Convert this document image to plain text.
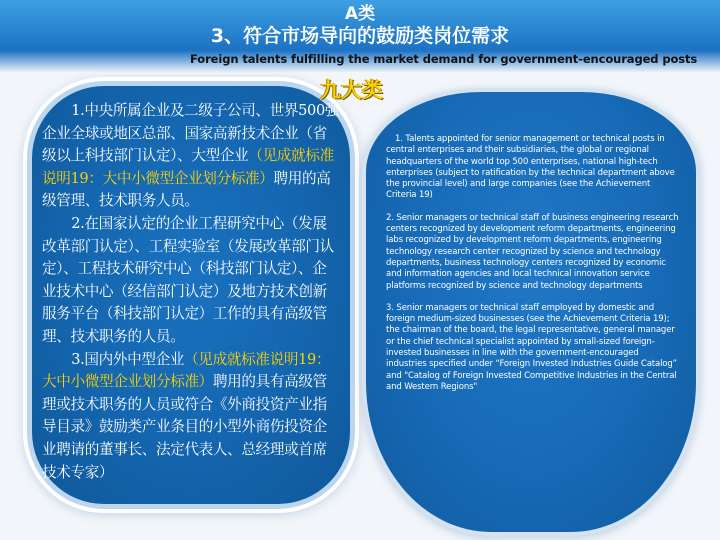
A类
3、符合市场导向的鼓励类岗位需求
Foreign talents fulfilling the market demand for government-encouraged posts

1.中央所属企业及二级子公司、世界500强企业全球或地区总部、国家高新技术企业（省级以上科技部门认定）、大型企业（见成就标准说明19：大中小微型企业划分标准）聘用的高级管理、技术职务人员。

2.在国家认定的企业工程研究中心（发展改革部门认定）、工程实验室（发展改革部门认定）、工程技术研究中心（科技部门认定）、企业技术中心（经信部门认定）及地方技术创新服务平台（科技部门认定）工作的具有高级管理、技术职务的人员。

3.国内外中型企业（见成就标准说明19：大中小微型企业划分标准）聘用的具有高级管理或技术职务的人员或符合《外商投资产业指导目录》鼓励类产业条目的小型外商伤投资企业聘请的董事长、法定代表人、总经理或首席技术专家）

九大类

1. Talents appointed for senior management or technical posts in central enterprises and their subsidiaries, the global or regional headquarters of the world top 500 enterprises, national high-tech enterprises (subject to ratification by the technical department above the provincial level) and large companies (see the Achievement Criteria 19)

2. Senior managers or technical staff of business engineering research centers recognized by development reform departments, engineering labs recognized by development reform departments, engineering technology research center recognized by science and technology departments, business technology centers recognized by economic and information agencies and local technical innovation service platforms recognized by science and technology departments

3. Senior managers or technical staff employed by domestic and foreign medium-sized businesses (see the Achievement Criteria 19); the chairman of the board, the legal representative, general manager or the chief technical specialist appointed by small-sized foreign-invested businesses in line with the government-encouraged industries specified under “Foreign Invested Industries Guide Catalog” and "Catalog of Foreign Invested Competitive Industries in the Central and Western Regions"
